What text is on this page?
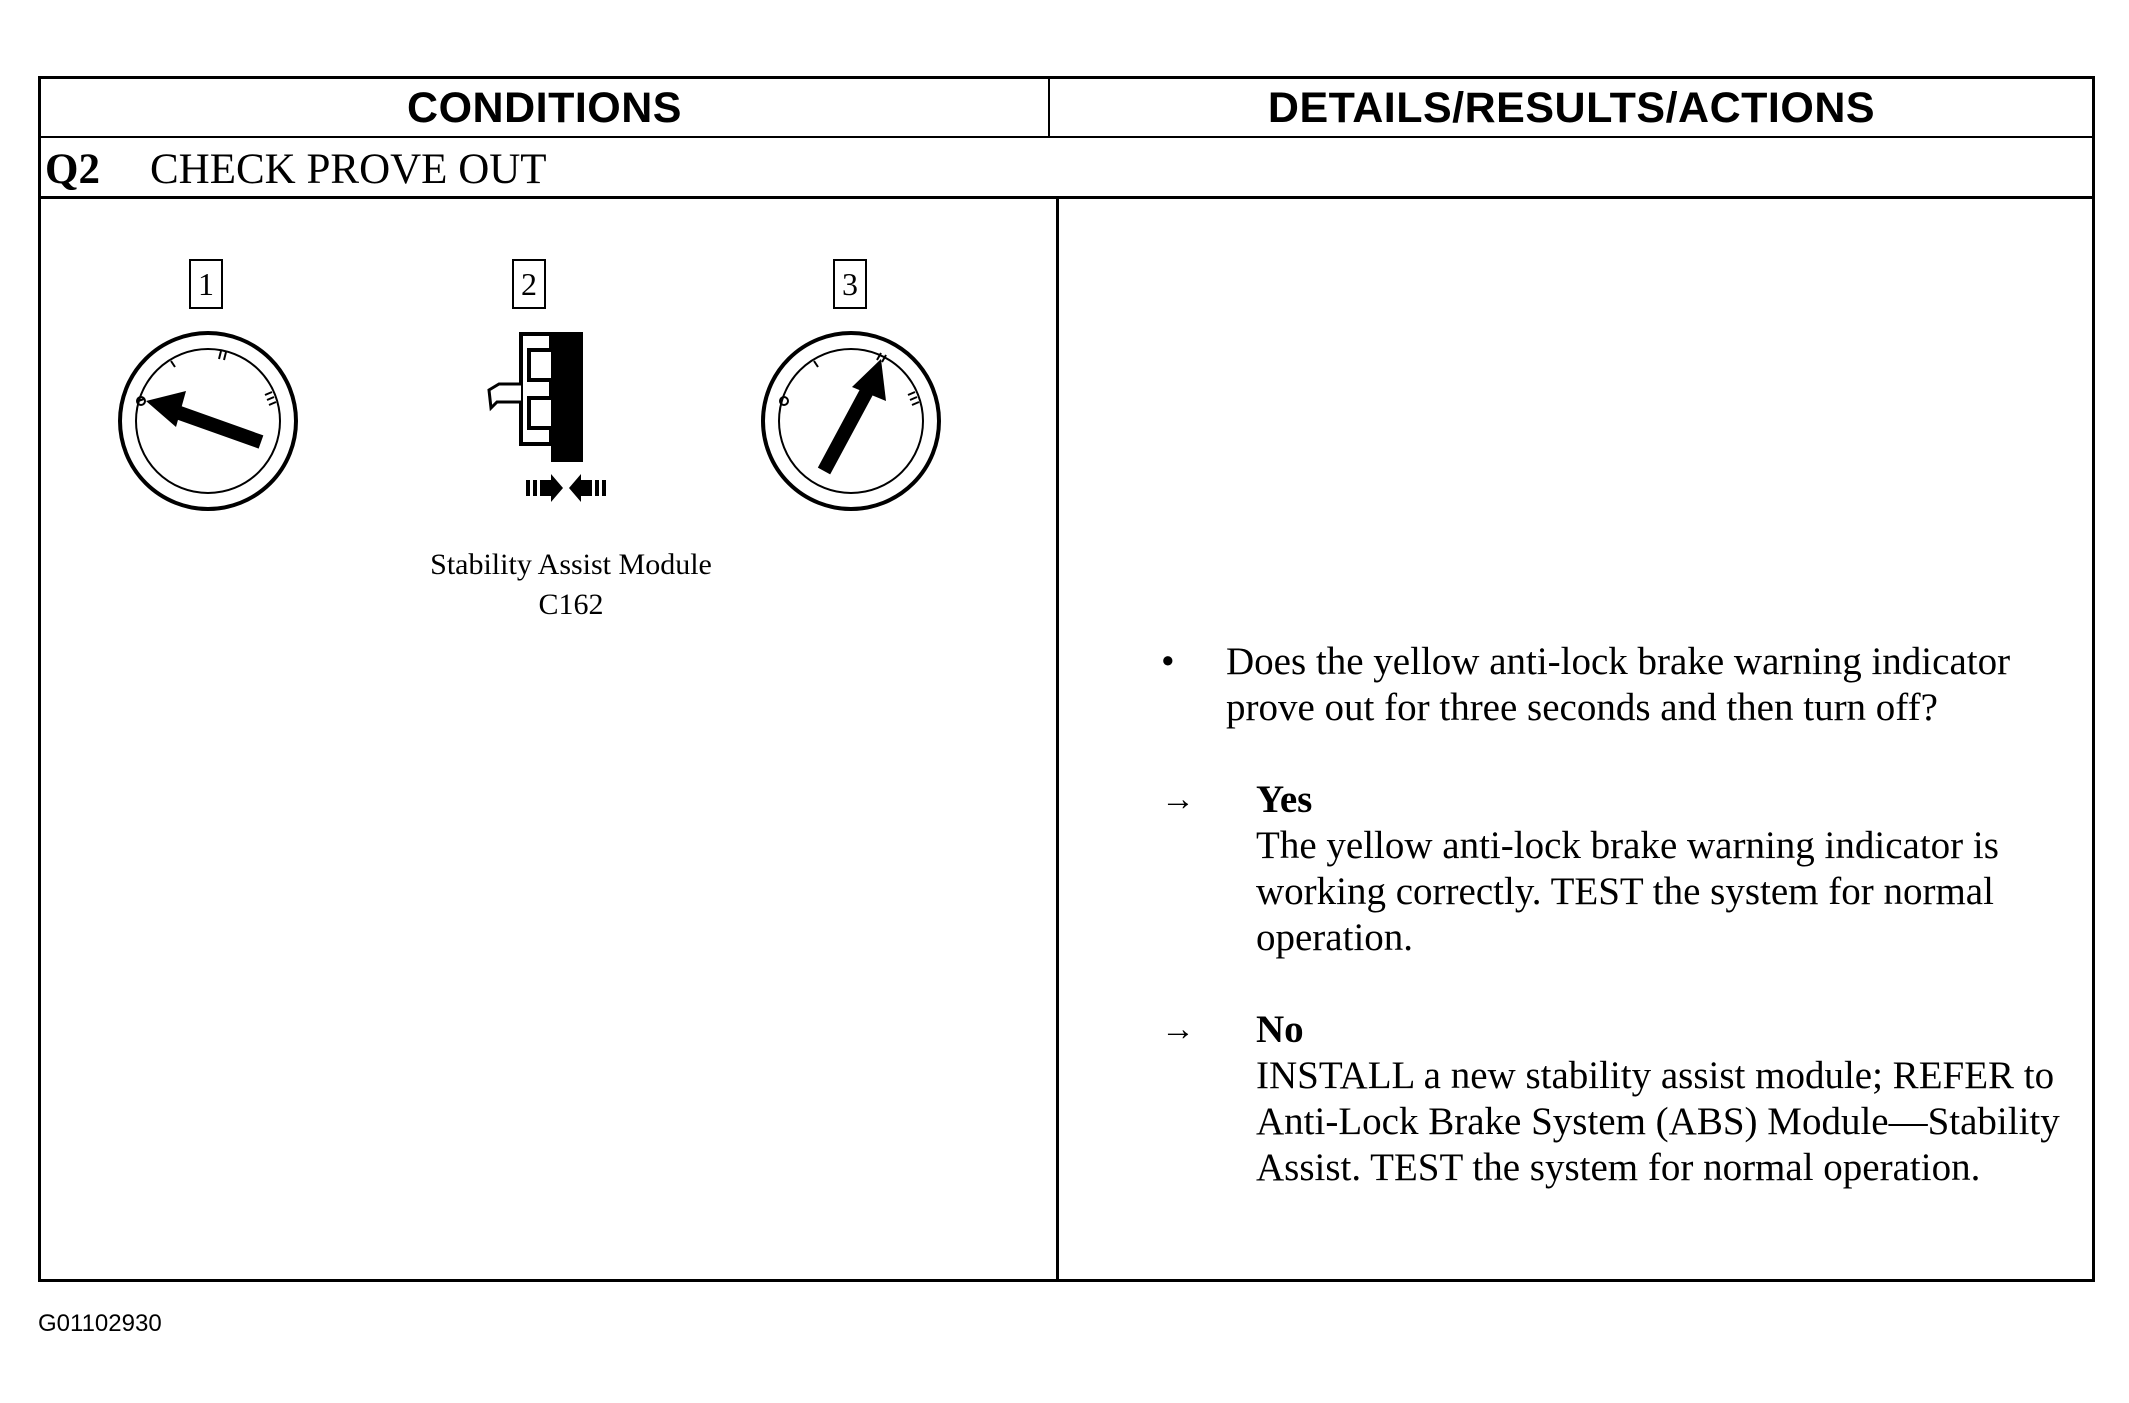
CONDITIONS	DETAILS/RESULTS/ACTIONS
Q2	CHECK PROVE OUT
1	2	3
Stability Assist Module
C162
• Does the yellow anti-lock brake warning indicator prove out for three seconds and then turn off?
→ Yes
The yellow anti-lock brake warning indicator is working correctly. TEST the system for normal operation.
→ No
INSTALL a new stability assist module; REFER to Anti-Lock Brake System (ABS) Module—Stability Assist. TEST the system for normal operation.
G01102930
